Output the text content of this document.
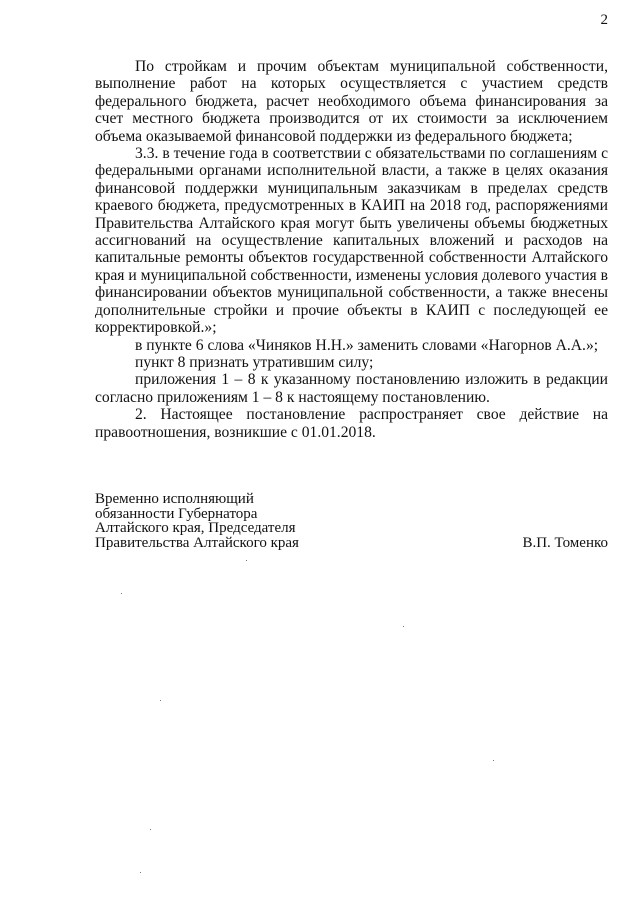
2

По стройкам и прочим объектам муниципальной собственности, выполнение работ на которых осуществляется с участием средств федерального бюджета, расчет необходимого объема финансирования за счет местного бюджета производится от их стоимости за исключением объема оказываемой финансовой поддержки из федерального бюджета;

3.3. в течение года в соответствии с обязательствами по соглашениям с федеральными органами исполнительной власти, а также в целях оказания финансовой поддержки муниципальным заказчикам в пределах средств краевого бюджета, предусмотренных в КАИП на 2018 год, распоряжениями Правительства Алтайского края могут быть увеличены объемы бюджетных ассигнований на осуществление капитальных вложений и расходов на капитальные ремонты объектов государственной собственности Алтайского края и муниципальной собственности, изменены условия долевого участия в финансировании объектов муниципальной собственности, а также внесены дополнительные стройки и прочие объекты в КАИП с последующей ее корректировкой.»;

в пункте 6 слова «Чиняков Н.Н.» заменить словами «Нагорнов А.А.»;

пункт 8 признать утратившим силу;

приложения 1 – 8 к указанному постановлению изложить в редакции согласно приложениям 1 – 8 к настоящему постановлению.

2. Настоящее постановление распространяет свое действие на правоотношения, возникшие с 01.01.2018.

Временно исполняющий
обязанности Губернатора
Алтайского края, Председателя
Правительства Алтайского края	В.П. Томенко
